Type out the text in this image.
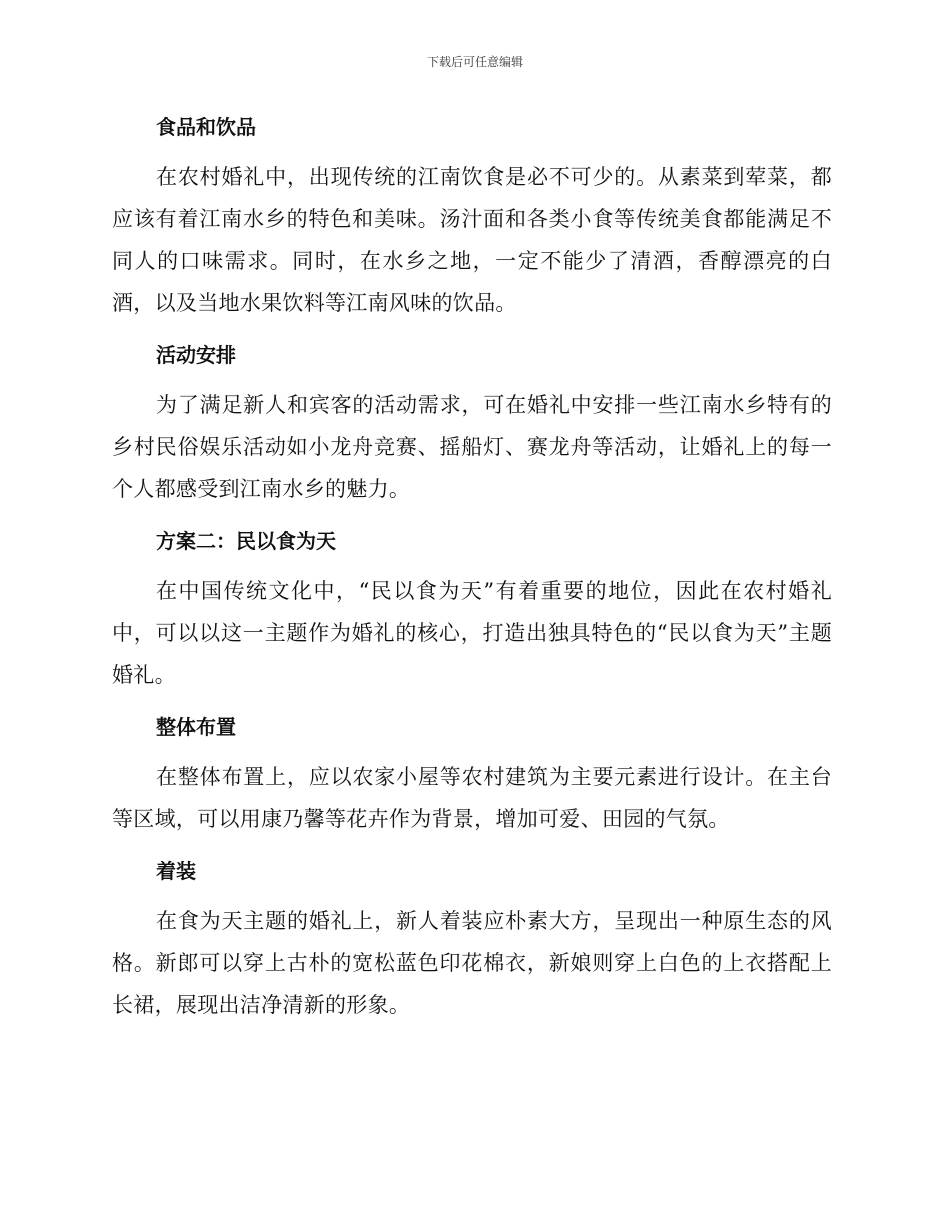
下载后可任意编辑
食品和饮品

在农村婚礼中，出现传统的江南饮食是必不可少的。从素菜到荤菜，都应该有着江南水乡的特色和美味。汤汁面和各类小食等传统美食都能满足不同人的口味需求。同时，在水乡之地，一定不能少了清酒，香醇漂亮的白酒，以及当地水果饮料等江南风味的饮品。

活动安排

为了满足新人和宾客的活动需求，可在婚礼中安排一些江南水乡特有的乡村民俗娱乐活动如小龙舟竞赛、摇船灯、赛龙舟等活动，让婚礼上的每一个人都感受到江南水乡的魅力。

方案二：民以食为天

在中国传统文化中，“民以食为天”有着重要的地位，因此在农村婚礼中，可以以这一主题作为婚礼的核心，打造出独具特色的“民以食为天”主题婚礼。

整体布置

在整体布置上，应以农家小屋等农村建筑为主要元素进行设计。在主台等区域，可以用康乃馨等花卉作为背景，增加可爱、田园的气氛。

着装

在食为天主题的婚礼上，新人着装应朴素大方，呈现出一种原生态的风格。新郎可以穿上古朴的宽松蓝色印花棉衣，新娘则穿上白色的上衣搭配上长裙，展现出洁净清新的形象。
